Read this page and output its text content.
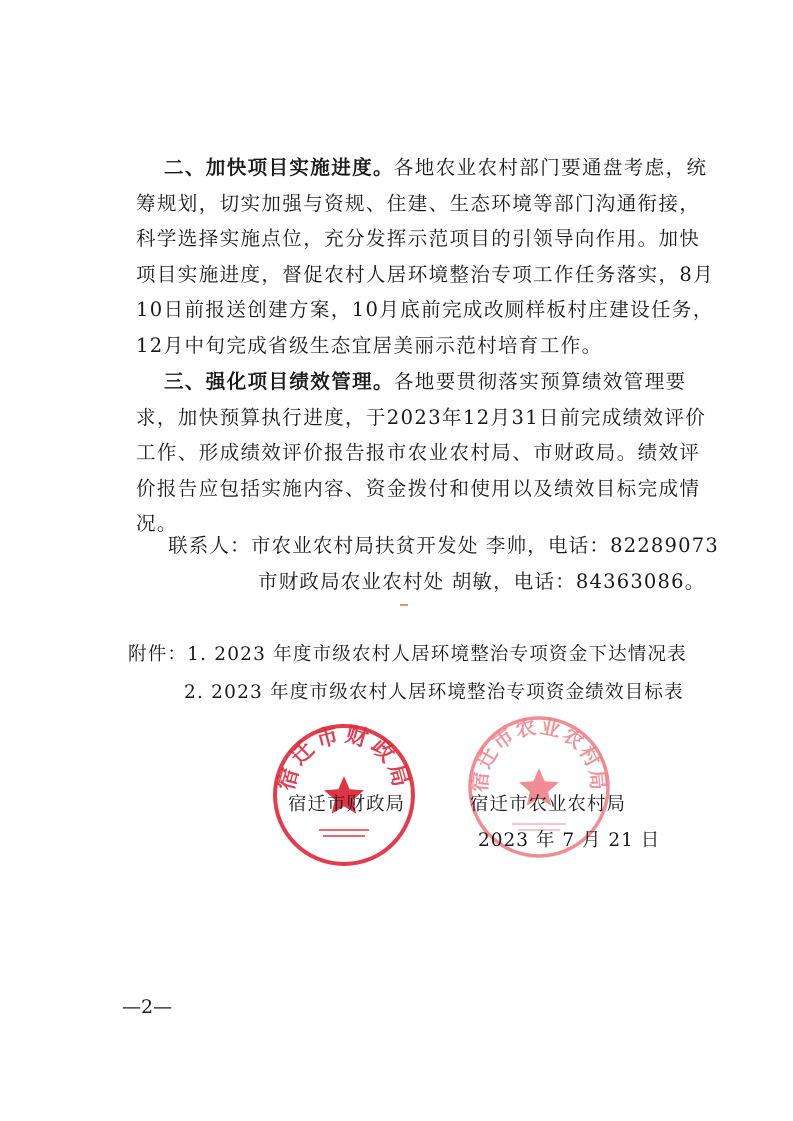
二、加快项目实施进度。各地农业农村部门要通盘考虑，统筹规划，切实加强与资规、住建、生态环境等部门沟通衔接，科学选择实施点位，充分发挥示范项目的引领导向作用。加快项目实施进度，督促农村人居环境整治专项工作任务落实，8月10日前报送创建方案，10月底前完成改厕样板村庄建设任务，12月中旬完成省级生态宜居美丽示范村培育工作。
三、强化项目绩效管理。各地要贯彻落实预算绩效管理要求，加快预算执行进度，于2023年12月31日前完成绩效评价工作、形成绩效评价报告报市农业农村局、市财政局。绩效评价报告应包括实施内容、资金拨付和使用以及绩效目标完成情况。
联系人：市农业农村局扶贫开发处 李帅，电话：82289073
市财政局农业农村处 胡敏，电话：84363086。
附件：1. 2023 年度市级农村人居环境整治专项资金下达情况表
2. 2023 年度市级农村人居环境整治专项资金绩效目标表
宿迁市财政局	宿迁市农业农村局
宿迁市财政局	宿迁市农业农村局
2023 年 7 月 21 日
—2—
